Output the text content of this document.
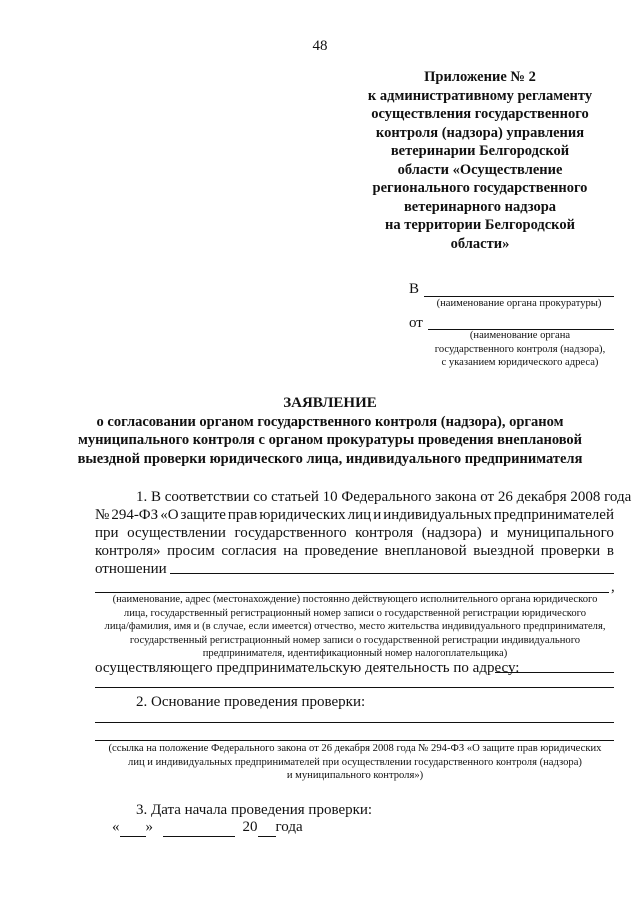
48
Приложение № 2
к административному регламенту
осуществления государственного
контроля (надзора) управления
ветеринарии Белгородской
области «Осуществление
регионального государственного
ветеринарного надзора
на территории Белгородской
области»
В
(наименование органа прокуратуры)
от
(наименование органа
государственного контроля (надзора),
с указанием юридического адреса)
ЗАЯВЛЕНИЕ
о согласовании органом государственного контроля (надзора), органом
муниципального контроля с органом прокуратуры проведения внеплановой
выездной проверки юридического лица, индивидуального предпринимателя
1. В соответствии со статьей 10 Федерального закона от 26 декабря 2008 года
№ 294-ФЗ «О защите прав юридических лиц и индивидуальных предпринимателей
при осуществлении государственного контроля (надзора) и муниципального
контроля» просим согласия на проведение внеплановой выездной проверки в
отношении
,
(наименование, адрес (местонахождение) постоянно действующего исполнительного органа юридического
лица, государственный регистрационный номер записи о государственной регистрации юридического
лица/фамилия, имя и (в случае, если имеется) отчество, место жительства индивидуального предпринимателя,
государственный регистрационный номер записи о государственной регистрации индивидуального
предпринимателя, идентификационный номер налогоплательщика)
осуществляющего предпринимательскую деятельность по адресу:
2. Основание проведения проверки:
(ссылка на положение Федерального закона от 26 декабря 2008 года № 294-ФЗ «О защите прав юридических
лиц и индивидуальных предпринимателей при осуществлении государственного контроля (надзора)
и муниципального контроля»)
3. Дата начала проведения проверки:
« »	20 года
